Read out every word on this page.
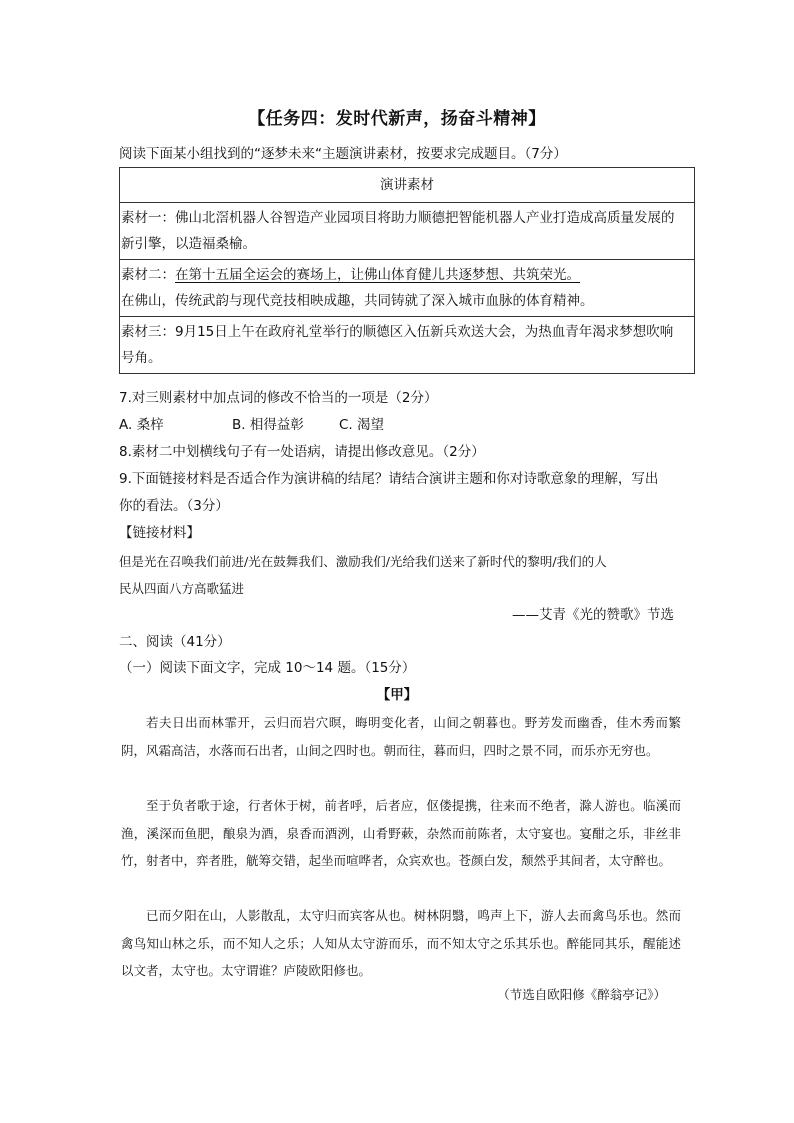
【任务四：发时代新声，扬奋斗精神】
阅读下面某小组找到的“逐梦未来“主题演讲素材，按要求完成题目。（7分）
演讲素材

素材一：佛山北滘机器人谷智造产业园项目将助力顺德把智能机器人产业打造成高质量发展的
新引擎，以造福桑榆。

素材二：在第十五届全运会的赛场上，让佛山体育健儿共逐梦想、共筑荣光。
在佛山，传统武韵与现代竞技相映成趣，共同铸就了深入城市血脉的体育精神。

素材三：9月15日上午在政府礼堂举行的顺德区入伍新兵欢送大会，为热血青年渴求梦想吹响
号角。
7.对三则素材中加点词的修改不恰当的一项是（2分）
A. 桑梓	B. 相得益彰	C. 渴望
8.素材二中划横线句子有一处语病，请提出修改意见。（2分）
9.下面链接材料是否适合作为演讲稿的结尾？请结合演讲主题和你对诗歌意象的理解，写出
你的看法。（3分）
【链接材料】
但是光在召唤我们前进/光在鼓舞我们、激励我们/光给我们送来了新时代的黎明/我们的人
民从四面八方高歌猛进
——艾青《光的赞歌》节选
二、阅读（41分）
（一）阅读下面文字，完成 10～14 题。（15分）
【甲】
若夫日出而林霏开，云归而岩穴暝，晦明变化者，山间之朝暮也。野芳发而幽香，佳木秀而繁阴，风霜高洁，水落而石出者，山间之四时也。朝而往，暮而归，四时之景不同，而乐亦无穷也。
至于负者歌于途，行者休于树，前者呼，后者应，伛偻提携，往来而不绝者，滁人游也。临溪而渔，溪深而鱼肥，酿泉为酒，泉香而酒洌，山肴野蔌，杂然而前陈者，太守宴也。宴酣之乐，非丝非竹，射者中，弈者胜，觥筹交错，起坐而喧哗者，众宾欢也。苍颜白发，颓然乎其间者，太守醉也。
已而夕阳在山，人影散乱，太守归而宾客从也。树林阴翳，鸣声上下，游人去而禽鸟乐也。然而禽鸟知山林之乐，而不知人之乐；人知从太守游而乐，而不知太守之乐其乐也。醉能同其乐，醒能述以文者，太守也。太守谓谁？庐陵欧阳修也。
（节选自欧阳修《醉翁亭记》）
